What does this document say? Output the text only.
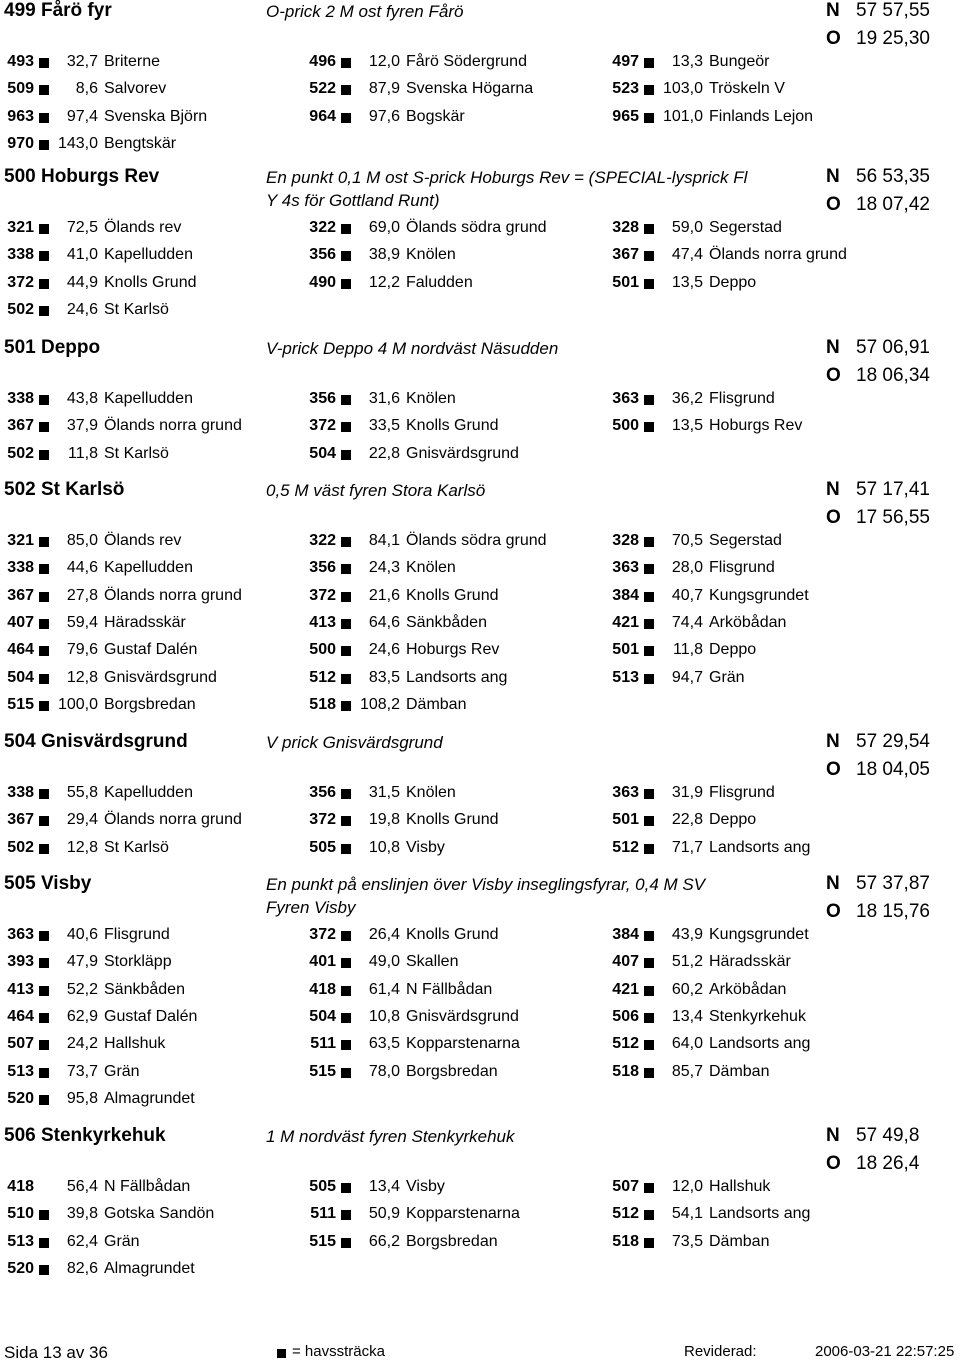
499 Fårö fyr	O-prick 2 M ost fyren Fårö	N 57 57,55
O 19 25,30
493	32,7 Briterne	496	12,0 Fårö Södergrund	497	13,3 Bungeör
509	8,6 Salvorev	522	87,9 Svenska Högarna	523	103,0 Tröskeln V
963	97,4 Svenska Björn	964	97,6 Bogskär	965	101,0 Finlands Lejon
970	143,0 Bengtskär
500 Hoburgs Rev	En punkt 0,1 M ost S-prick Hoburgs Rev = (SPECIAL-lysprick Fl
Y 4s för Gottland Runt)
N 56 53,35
O 18 07,42
321	72,5 Ölands rev	322	69,0 Ölands södra grund	328	59,0 Segerstad
338	41,0 Kapelludden	356	38,9 Knölen	367	47,4 Ölands norra grund
372	44,9 Knolls Grund	490	12,2 Faludden	501	13,5 Deppo
502	24,6 St Karlsö
501 Deppo	V-prick Deppo 4 M nordväst Näsudden	N 57 06,91
O 18 06,34
338	43,8 Kapelludden	356	31,6 Knölen	363	36,2 Flisgrund
367	37,9 Ölands norra grund	372	33,5 Knolls Grund	500	13,5 Hoburgs Rev
502	11,8 St Karlsö	504	22,8 Gnisvärdsgrund
502 St Karlsö	0,5 M väst fyren Stora Karlsö	N 57 17,41
O 17 56,55
321	85,0 Ölands rev	322	84,1 Ölands södra grund	328	70,5 Segerstad
338	44,6 Kapelludden	356	24,3 Knölen	363	28,0 Flisgrund
367	27,8 Ölands norra grund	372	21,6 Knolls Grund	384	40,7 Kungsgrundet
407	59,4 Häradsskär	413	64,6 Sänkbåden	421	74,4 Arköbådan
464	79,6 Gustaf Dalén	500	24,6 Hoburgs Rev	501	11,8 Deppo
504	12,8 Gnisvärdsgrund	512	83,5 Landsorts ang	513	94,7 Grän
515	100,0 Borgsbredan	518	108,2 Dämban
504 Gnisvärdsgrund	V prick Gnisvärdsgrund	N 57 29,54
O 18 04,05
338	55,8 Kapelludden	356	31,5 Knölen	363	31,9 Flisgrund
367	29,4 Ölands norra grund	372	19,8 Knolls Grund	501	22,8 Deppo
502	12,8 St Karlsö	505	10,8 Visby	512	71,7 Landsorts ang
505 Visby	En punkt på enslinjen över Visby inseglingsfyrar, 0,4 M SV
Fyren Visby
N 57 37,87
O 18 15,76
363	40,6 Flisgrund	372	26,4 Knolls Grund	384	43,9 Kungsgrundet
393	47,9 Storkläpp	401	49,0 Skallen	407	51,2 Häradsskär
413	52,2 Sänkbåden	418	61,4 N Fällbådan	421	60,2 Arköbådan
464	62,9 Gustaf Dalén	504	10,8 Gnisvärdsgrund	506	13,4 Stenkyrkehuk
507	24,2 Hallshuk	511	63,5 Kopparstenarna	512	64,0 Landsorts ang
513	73,7 Grän	515	78,0 Borgsbredan	518	85,7 Dämban
520	95,8 Almagrundet
506 Stenkyrkehuk	1 M nordväst fyren Stenkyrkehuk	N 57 49,8
O 18 26,4
418	56,4 N Fällbådan	505	13,4 Visby	507	12,0 Hallshuk
510	39,8 Gotska Sandön	511	50,9 Kopparstenarna	512	54,1 Landsorts ang
513	62,4 Grän	515	66,2 Borgsbredan	518	73,5 Dämban
520	82,6 Almagrundet
Sida 13 av 36	= havssträcka	Reviderad:	2006-03-21 22:57:25
